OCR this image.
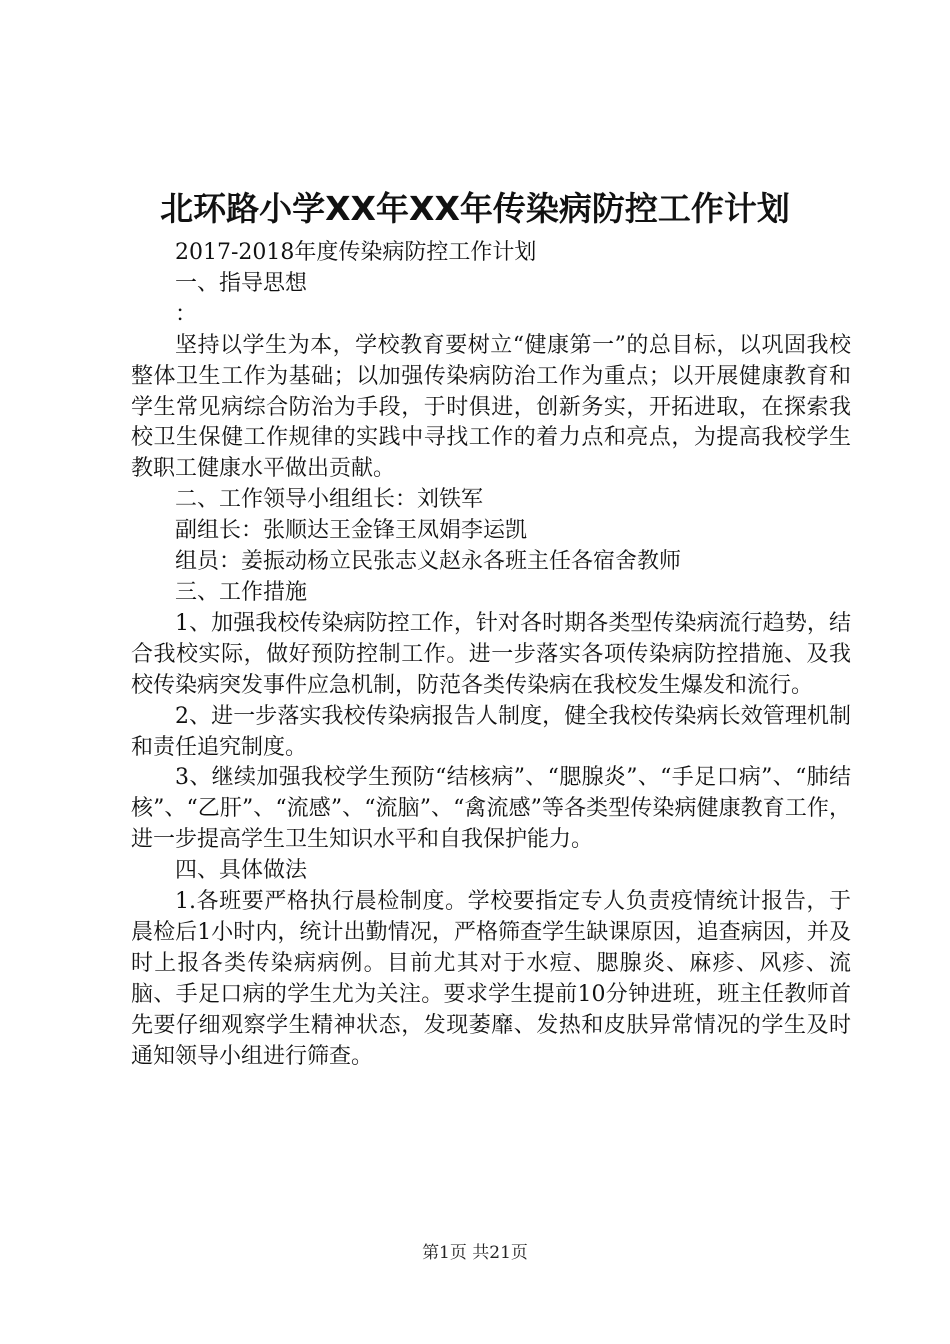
北环路小学XX年XX年传染病防控工作计划

2017-2018年度传染病防控工作计划

一、指导思想

：

坚持以学生为本，学校教育要树立“健康第一”的总目标，以巩固我校整体卫生工作为基础；以加强传染病防治工作为重点；以开展健康教育和学生常见病综合防治为手段，于时俱进，创新务实，开拓进取，在探索我校卫生保健工作规律的实践中寻找工作的着力点和亮点，为提高我校学生教职工健康水平做出贡献。

二、工作领导小组组长：刘铁军

副组长：张顺达王金锋王凤娟李运凯

组员：姜振动杨立民张志义赵永各班主任各宿舍教师

三、工作措施

1、加强我校传染病防控工作，针对各时期各类型传染病流行趋势，结合我校实际，做好预防控制工作。进一步落实各项传染病防控措施、及我校传染病突发事件应急机制，防范各类传染病在我校发生爆发和流行。

2、进一步落实我校传染病报告人制度，健全我校传染病长效管理机制和责任追究制度。

3、继续加强我校学生预防“结核病”、“腮腺炎”、“手足口病”、“肺结核”、“乙肝”、“流感”、“流脑”、“禽流感”等各类型传染病健康教育工作，进一步提高学生卫生知识水平和自我保护能力。

四、具体做法

1.各班要严格执行晨检制度。学校要指定专人负责疫情统计报告，于晨检后1小时内，统计出勤情况，严格筛查学生缺课原因，追查病因，并及时上报各类传染病病例。目前尤其对于水痘、腮腺炎、麻疹、风疹、流脑、手足口病的学生尤为关注。要求学生提前10分钟进班，班主任教师首先要仔细观察学生精神状态，发现萎靡、发热和皮肤异常情况的学生及时通知领导小组进行筛查。

第1页 共21页
